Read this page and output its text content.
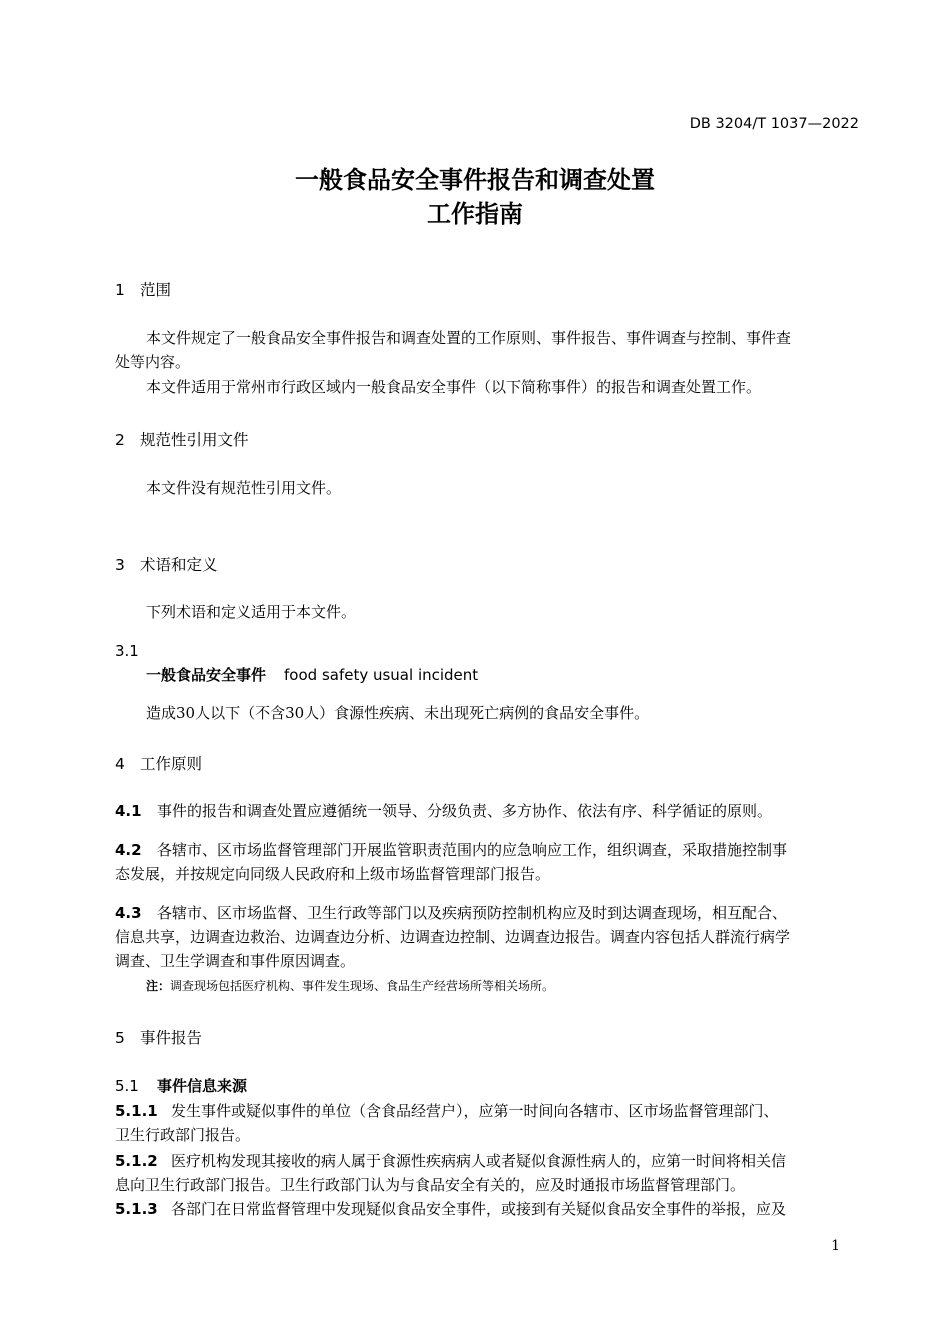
DB 3204/T 1037—2022
一般食品安全事件报告和调查处置
工作指南
1 范围
本文件规定了一般食品安全事件报告和调查处置的工作原则、事件报告、事件调查与控制、事件查
处等内容。
本文件适用于常州市行政区域内一般食品安全事件（以下简称事件）的报告和调查处置工作。
2 规范性引用文件
本文件没有规范性引用文件。
3 术语和定义
下列术语和定义适用于本文件。
3.1
一般食品安全事件 food safety usual incident
造成30人以下（不含30人）食源性疾病、未出现死亡病例的食品安全事件。
4 工作原则
4.1 事件的报告和调查处置应遵循统一领导、分级负责、多方协作、依法有序、科学循证的原则。
4.2 各辖市、区市场监督管理部门开展监管职责范围内的应急响应工作，组织调查，采取措施控制事
态发展，并按规定向同级人民政府和上级市场监督管理部门报告。
4.3 各辖市、区市场监督、卫生行政等部门以及疾病预防控制机构应及时到达调查现场，相互配合、
信息共享，边调查边救治、边调查边分析、边调查边控制、边调查边报告。调查内容包括人群流行病学
调查、卫生学调查和事件原因调查。
注：调查现场包括医疗机构、事件发生现场、食品生产经营场所等相关场所。
5 事件报告
5.1 事件信息来源
5.1.1 发生事件或疑似事件的单位（含食品经营户），应第一时间向各辖市、区市场监督管理部门、
卫生行政部门报告。
5.1.2 医疗机构发现其接收的病人属于食源性疾病病人或者疑似食源性病人的，应第一时间将相关信
息向卫生行政部门报告。卫生行政部门认为与食品安全有关的，应及时通报市场监督管理部门。
5.1.3 各部门在日常监督管理中发现疑似食品安全事件，或接到有关疑似食品安全事件的举报，应及
1
